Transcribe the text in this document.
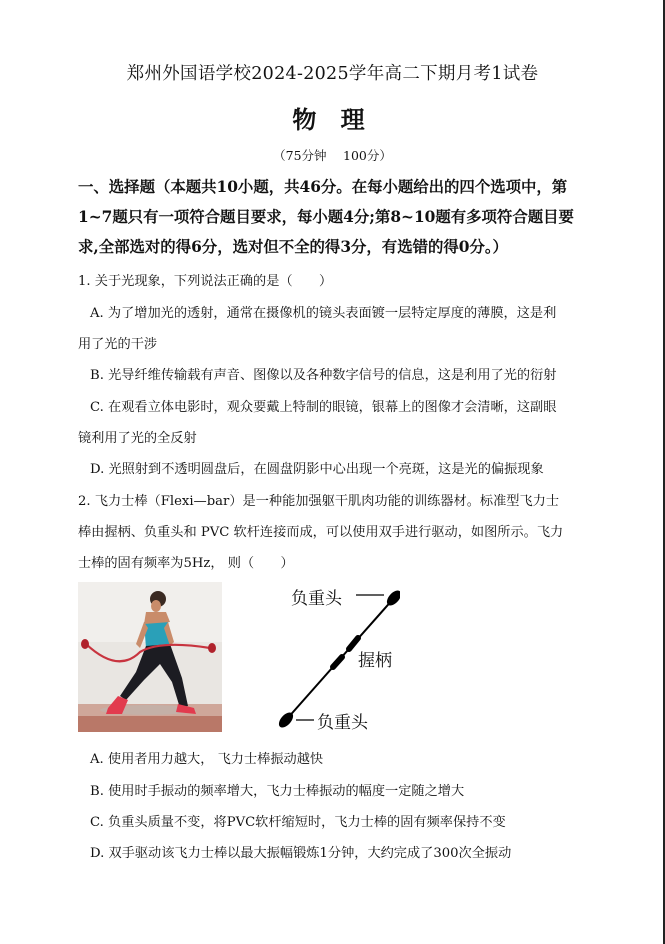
郑州外国语学校2024-2025学年高二下期月考1试卷
物 理
（75分钟　 100分）
一、选择题（本题共10小题，共46分。在每小题给出的四个选项中，第
1~7题只有一项符合题目要求，每小题4分;第8~10题有多项符合题目要
求,全部选对的得6分，选对但不全的得3分，有选错的得0分。）
1. 关于光现象，下列说法正确的是（　　）
A. 为了增加光的透射，通常在摄像机的镜头表面镀一层特定厚度的薄膜，这是利
用了光的干涉
B. 光导纤维传输载有声音、图像以及各种数字信号的信息，这是利用了光的衍射
C. 在观看立体电影时，观众要戴上特制的眼镜，银幕上的图像才会清晰，这副眼
镜利用了光的全反射
D. 光照射到不透明圆盘后，在圆盘阴影中心出现一个亮斑，这是光的偏振现象
2. 飞力士棒（Flexi—bar）是一种能加强躯干肌肉功能的训练器材。标准型飞力士
棒由握柄、负重头和 PVC 软杆连接而成，可以使用双手进行驱动，如图所示。飞力
士棒的固有频率为5Hz， 则（　　）
负重头
握柄
负重头
A. 使用者用力越大， 飞力士棒振动越快
B. 使用时手振动的频率增大，飞力士棒振动的幅度一定随之增大
C. 负重头质量不变，将PVC软杆缩短时，飞力士棒的固有频率保持不变
D. 双手驱动该飞力士棒以最大振幅锻炼1分钟，大约完成了300次全振动
